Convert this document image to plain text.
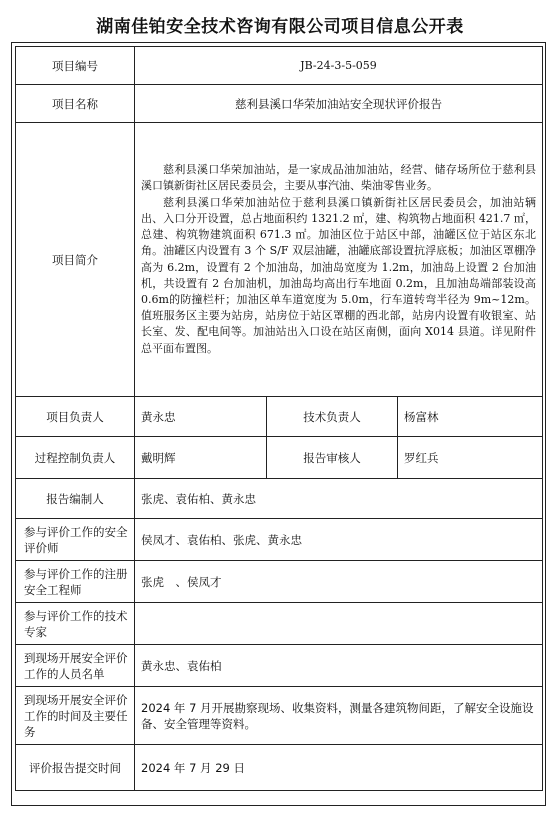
湖南佳铂安全技术咨询有限公司项目信息公开表
项目编号	JB-24-3-5-059		
项目名称	慈利县溪口华荣加油站安全现状评价报告		
项目简介	慈利县溪口华荣加油站，是一家成品油加油站，经营、储存场所位于慈利县溪口镇新街社区居民委员会，主要从事汽油、柴油零售业务。

慈利县溪口华荣加油站位于慈利县溪口镇新街社区居民委员会，加油站辆出、入口分开设置，总占地面积约 1321.2 ㎡，建、构筑物占地面积 421.7 ㎡，总建、构筑物建筑面积 671.3 ㎡。加油区位于站区中部，油罐区位于站区东北角。油罐区内设置有 3 个 S/F 双层油罐，油罐底部设置抗浮底板；加油区罩棚净高为 6.2m，设置有 2 个加油岛，加油岛宽度为 1.2m，加油岛上设置 2 台加油机，共设置有 2 台加油机，加油岛均高出行车地面 0.2m，且加油岛端部装设高 0.6m的防撞栏杆；加油区单车道宽度为 5.0m，行车道转弯半径为 9m~12m。值班服务区主要为站房，站房位于站区罩棚的西北部，站房内设置有收银室、站长室、发、配电间等。加油站出入口设在站区南侧，面向 X014 县道。详见附件总平面布置图。		

项目负责人	黄永忠	技术负责人	杨富林
过程控制负责人	戴明辉	报告审核人	罗红兵
报告编制人	张虎、袁佑柏、黄永忠		
参与评价工作的安全评价师	侯凤才、袁佑柏、张虎、黄永忠		
参与评价工作的注册安全工程师	张虎　、侯凤才		
参与评价工作的技术专家			
到现场开展安全评价工作的人员名单	黄永忠、袁佑柏		
到现场开展安全评价工作的时间及主要任务	2024 年 7 月开展勘察现场、收集资料，测量各建筑物间距，了解安全设施设备、安全管理等资料。		
评价报告提交时间	2024 年 7 月 29 日		
